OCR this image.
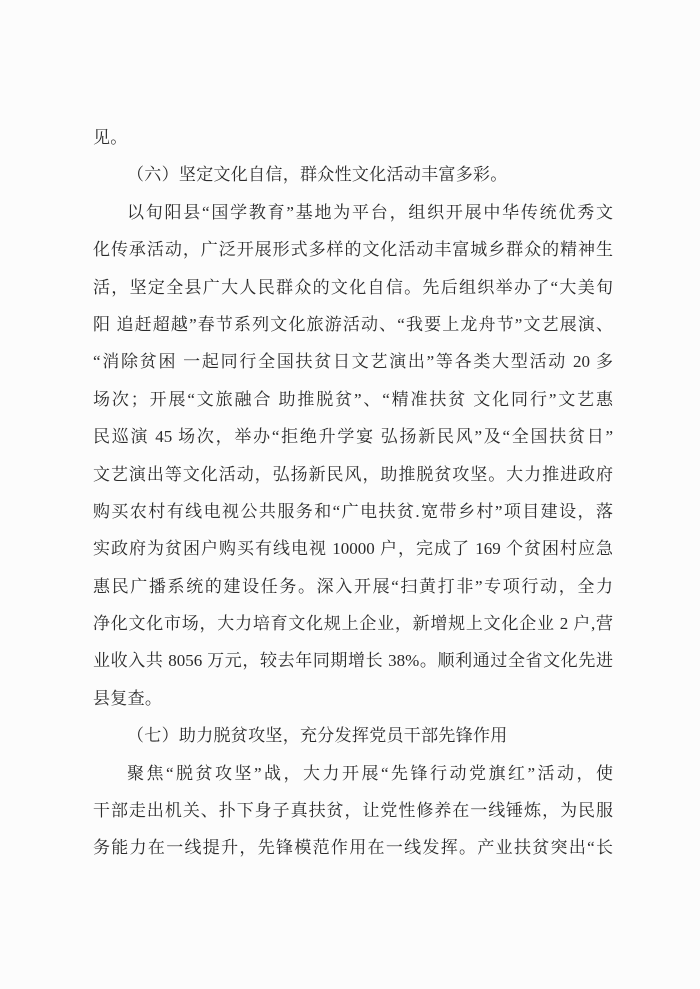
见。
（六）坚定文化自信，群众性文化活动丰富多彩。
以旬阳县“国学教育”基地为平台，组织开展中华传统优秀文
化传承活动，广泛开展形式多样的文化活动丰富城乡群众的精神生
活，坚定全县广大人民群众的文化自信。先后组织举办了“大美旬
阳 追赶超越”春节系列文化旅游活动、“我要上龙舟节”文艺展演、
“消除贫困 一起同行全国扶贫日文艺演出”等各类大型活动 20 多
场次；开展“文旅融合 助推脱贫”、“精准扶贫 文化同行”文艺惠
民巡演 45 场次，举办“拒绝升学宴 弘扬新民风”及“全国扶贫日”
文艺演出等文化活动，弘扬新民风，助推脱贫攻坚。大力推进政府
购买农村有线电视公共服务和“广电扶贫.宽带乡村”项目建设，落
实政府为贫困户购买有线电视 10000 户，完成了 169 个贫困村应急
惠民广播系统的建设任务。深入开展“扫黄打非”专项行动，全力
净化文化市场，大力培育文化规上企业，新增规上文化企业 2 户,营
业收入共 8056 万元，较去年同期增长 38%。顺利通过全省文化先进
县复查。
（七）助力脱贫攻坚，充分发挥党员干部先锋作用
聚焦“脱贫攻坚”战，大力开展“先锋行动党旗红”活动，使
干部走出机关、扑下身子真扶贫，让党性修养在一线锤炼，为民服
务能力在一线提升，先锋模范作用在一线发挥。产业扶贫突出“长
